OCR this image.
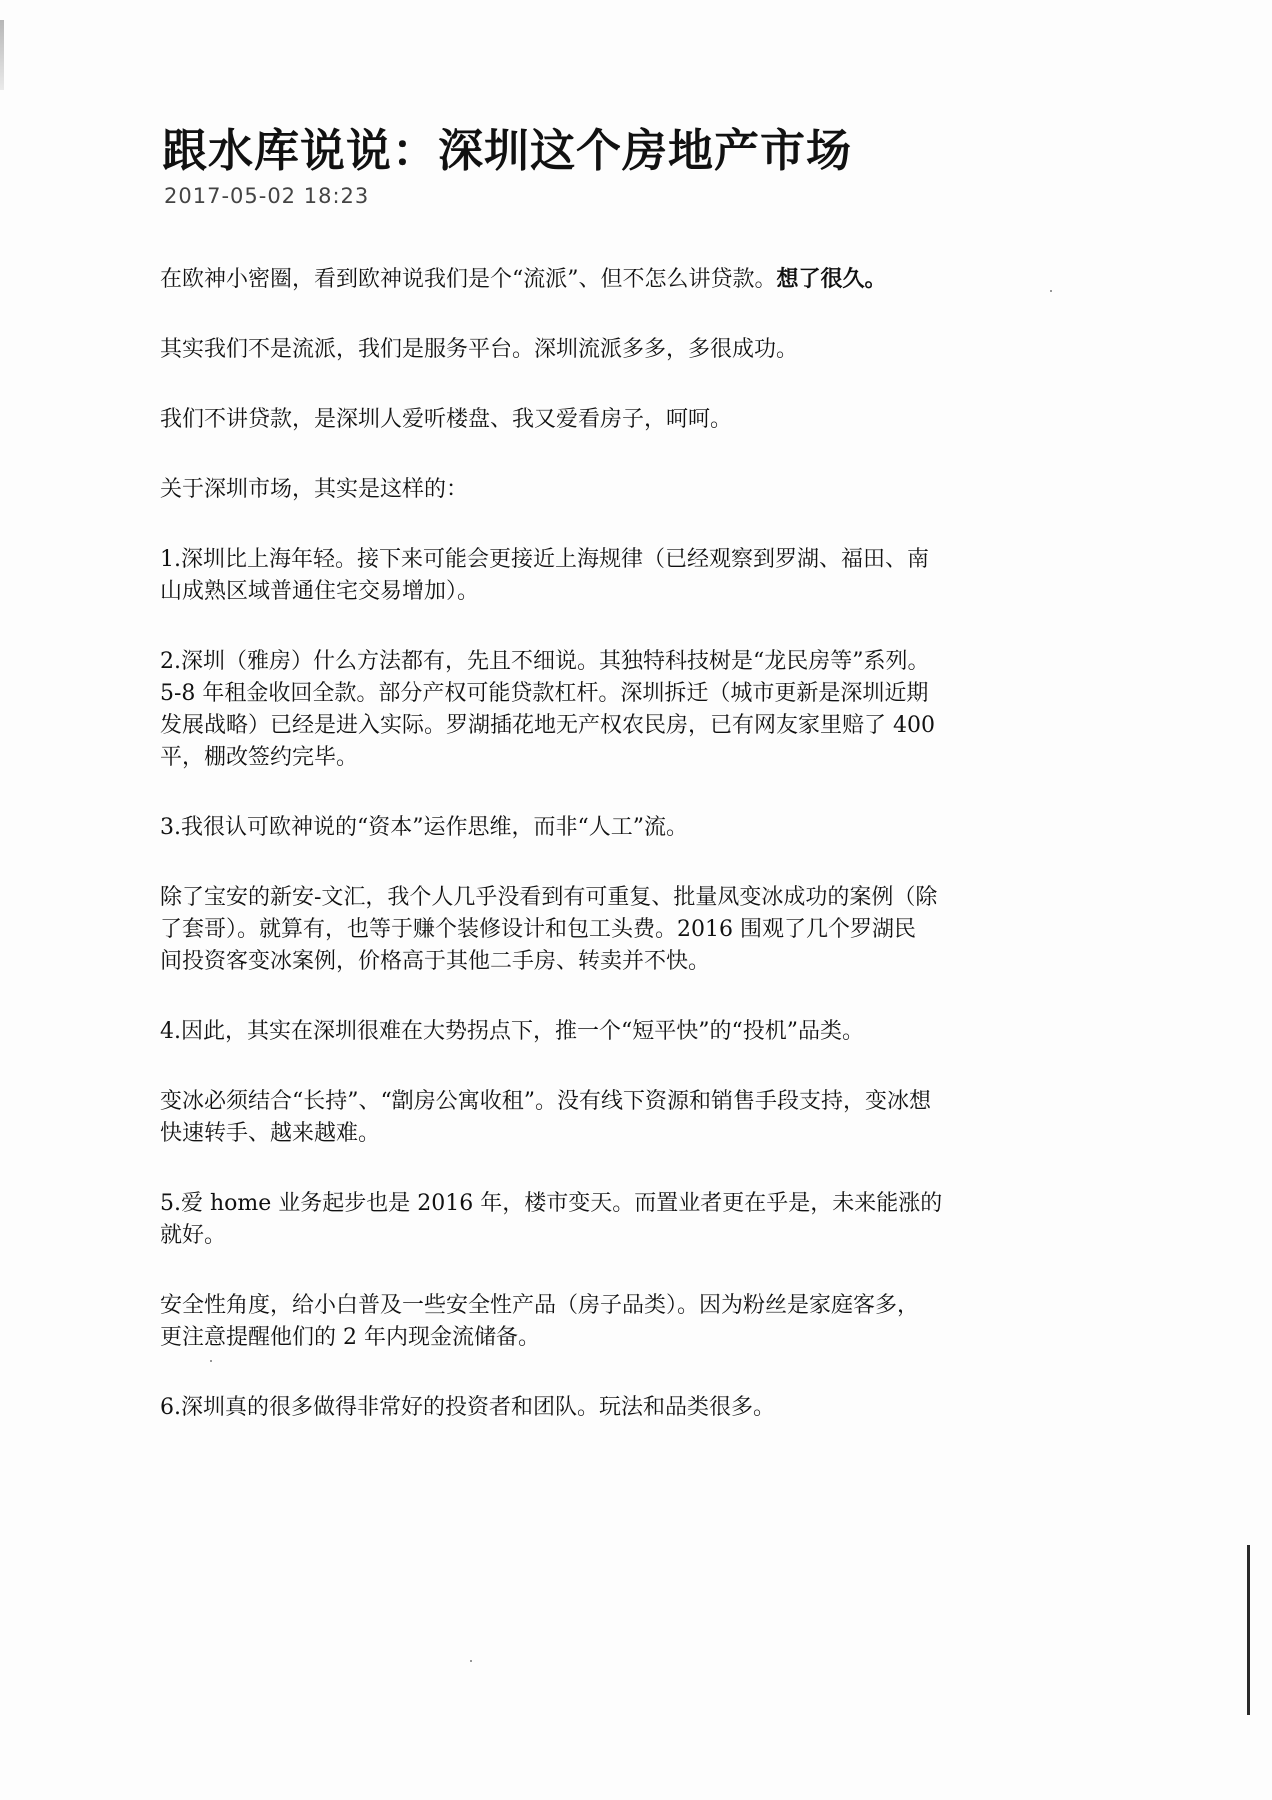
跟水库说说：深圳这个房地产市场
2017-05-02 18:23

在欧神小密圈，看到欧神说我们是个“流派”、但不怎么讲贷款。想了很久。

其实我们不是流派，我们是服务平台。深圳流派多多，多很成功。

我们不讲贷款，是深圳人爱听楼盘、我又爱看房子，呵呵。

关于深圳市场，其实是这样的：

1.深圳比上海年轻。接下来可能会更接近上海规律（已经观察到罗湖、福田、南
山成熟区域普通住宅交易增加）。

2.深圳（雅房）什么方法都有，先且不细说。其独特科技树是“龙民房等”系列。
5-8 年租金收回全款。部分产权可能贷款杠杆。深圳拆迁（城市更新是深圳近期
发展战略）已经是进入实际。罗湖插花地无产权农民房，已有网友家里赔了 400
平，棚改签约完毕。

3.我很认可欧神说的“资本”运作思维，而非“人工”流。

除了宝安的新安-文汇，我个人几乎没看到有可重复、批量凤变冰成功的案例（除
了套哥）。就算有，也等于赚个装修设计和包工头费。2016 围观了几个罗湖民
间投资客变冰案例，价格高于其他二手房、转卖并不快。

4.因此，其实在深圳很难在大势拐点下，推一个“短平快”的“投机”品类。

变冰必须结合“长持”、“劏房公寓收租”。没有线下资源和销售手段支持，变冰想
快速转手、越来越难。

5.爱 home 业务起步也是 2016 年，楼市变天。而置业者更在乎是，未来能涨的
就好。

安全性角度，给小白普及一些安全性产品（房子品类）。因为粉丝是家庭客多，
更注意提醒他们的 2 年内现金流储备。

6.深圳真的很多做得非常好的投资者和团队。玩法和品类很多。
